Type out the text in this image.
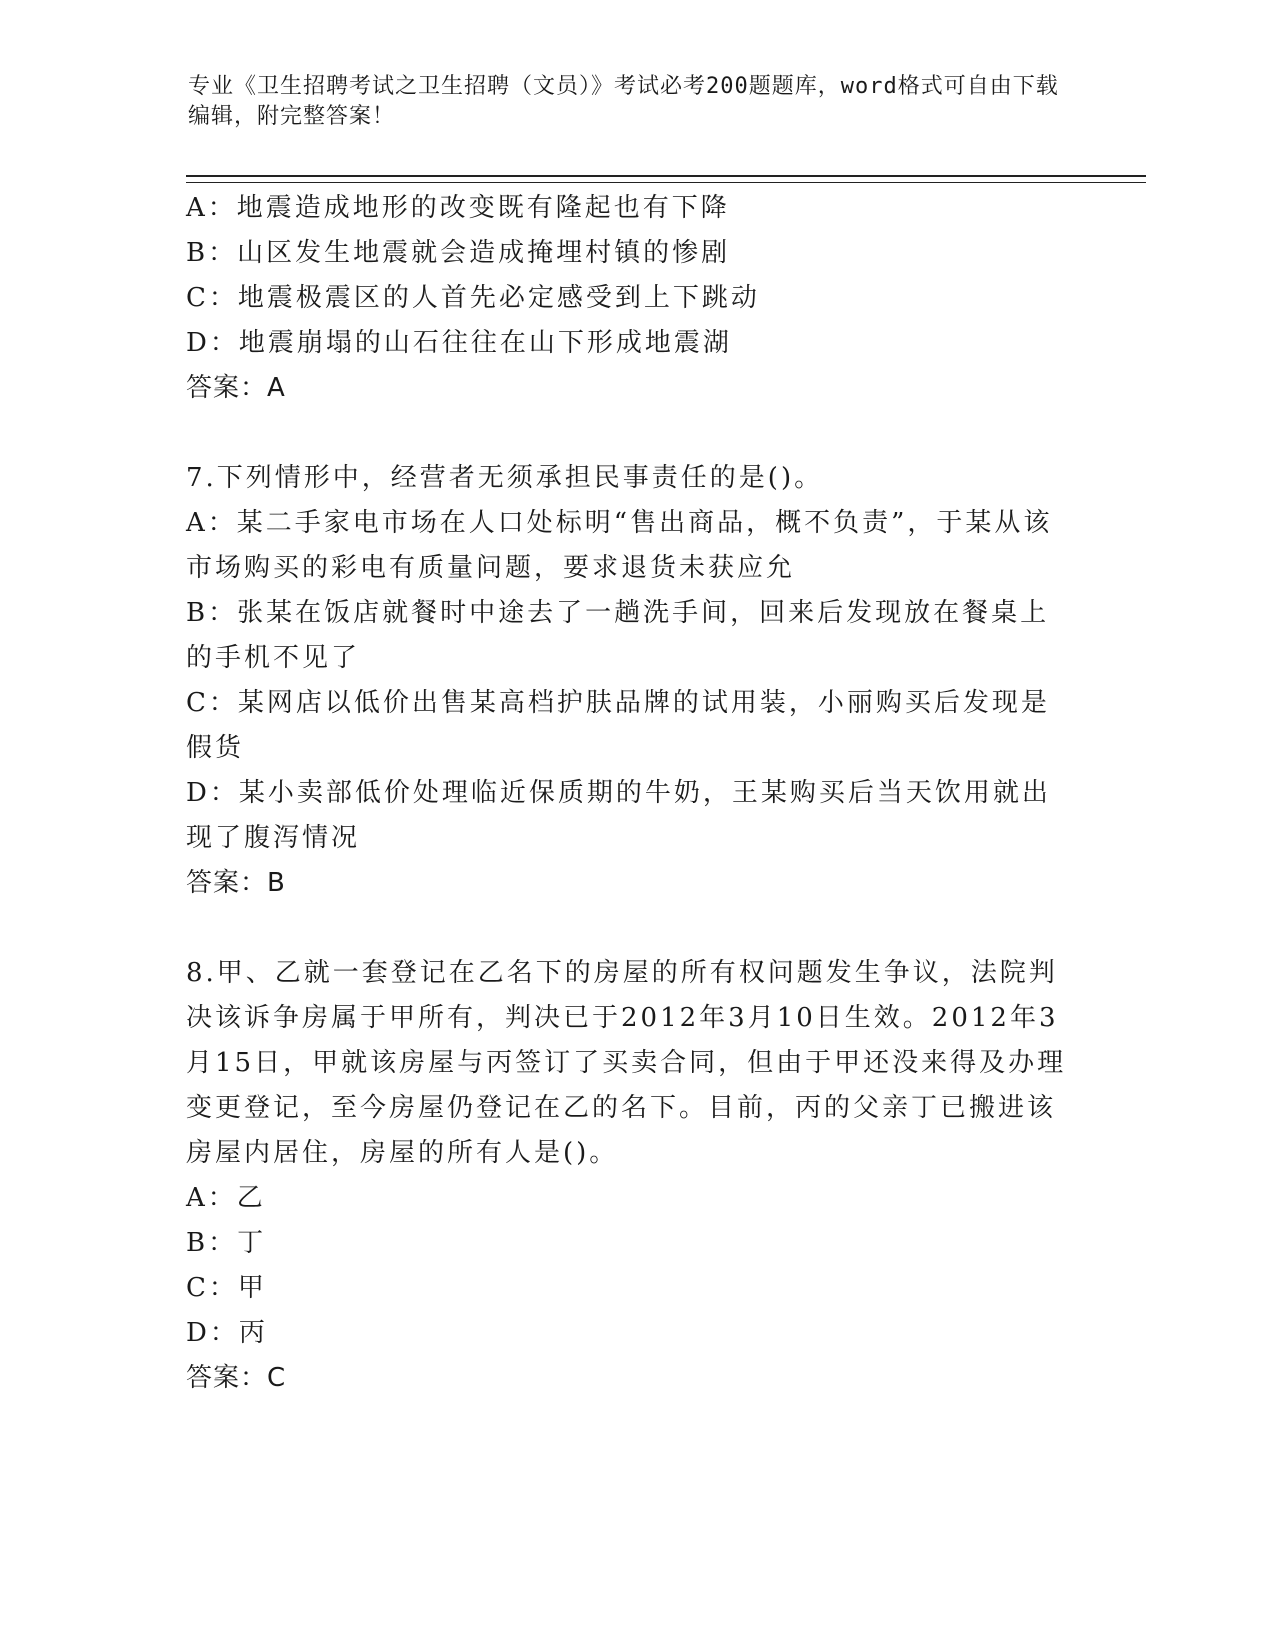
专业《卫生招聘考试之卫生招聘（文员）》考试必考200题题库，word格式可自由下载编辑，附完整答案！
A：地震造成地形的改变既有隆起也有下降
B：山区发生地震就会造成掩埋村镇的惨剧
C：地震极震区的人首先必定感受到上下跳动
D：地震崩塌的山石往往在山下形成地震湖
答案：A
7.下列情形中，经营者无须承担民事责任的是()。
A：某二手家电市场在人口处标明“售出商品，概不负责”，于某从该市场购买的彩电有质量问题，要求退货未获应允
B：张某在饭店就餐时中途去了一趟洗手间，回来后发现放在餐桌上的手机不见了
C：某网店以低价出售某高档护肤品牌的试用装，小丽购买后发现是假货
D：某小卖部低价处理临近保质期的牛奶，王某购买后当天饮用就出现了腹泻情况
答案：B
8.甲、乙就一套登记在乙名下的房屋的所有权问题发生争议，法院判决该诉争房属于甲所有，判决已于2012年3月10日生效。2012年3月15日，甲就该房屋与丙签订了买卖合同，但由于甲还没来得及办理变更登记，至今房屋仍登记在乙的名下。目前，丙的父亲丁已搬进该房屋内居住，房屋的所有人是()。
A：乙
B：丁
C：甲
D：丙
答案：C
